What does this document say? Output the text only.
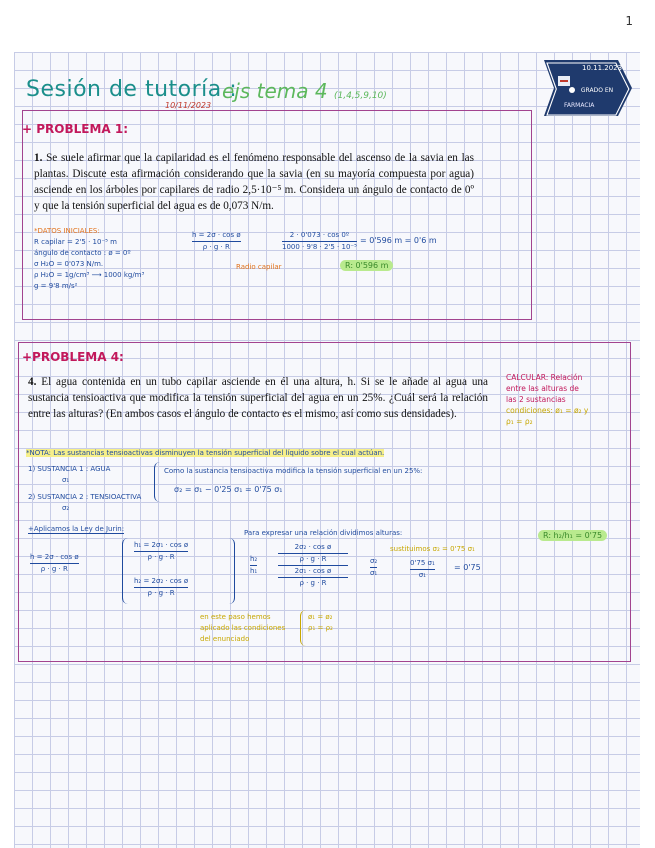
1
Sesión de tutoría :
ejs tema 4 (1,4,5,9,10)
10/11/2023
10.11.2023
GRADO EN
FARMACIA
+ PROBLEMA 1:
1. Se suele afirmar que la capilaridad es el fenómeno responsable del ascenso de la savia en las plantas. Discute esta afirmación considerando que la savia (en su mayoría compuesta por agua) asciende en los árboles por capilares de radio 2,5·10⁻⁵ m. Considera un ángulo de contacto de 0º y que la tensión superficial del agua es de 0,073 N/m.
*DATOS INICIALES:
R capilar = 2'5 · 10⁻⁵ m
ángulo de contacto : ø = 0º
σ H₂O = 0'073 N/m.
ρ H₂O = 1g/cm³ ⟶ 1000 kg/m³
g = 9'8 m/s²
$\frac{\text{h = 2σ · cos ø}}{\rho \cdot g \cdot R}$	$\frac{\text{2 · 0'073 · cos 0º}}{\text{1000 · 9'8 · 2'5 · 10⁻⁵}} = 0'596$ m = 0'6 m
Radio capilar	R: 0'596 m
+PROBLEMA 4:
4. El agua contenida en un tubo capilar asciende en él una altura, h. Si se le añade al agua una sustancia tensioactiva que modifica la tensión superficial del agua en un 25%. ¿Cuál será la relación entre las alturas? (En ambos casos el ángulo de contacto es el mismo, así como sus densidades).
CALCULAR: Relación
entre las alturas de
las 2 sustancias
condiciones: ø₁ = ø₂ y
ρ₁ = ρ₂
*NOTA: Las sustancias tensioactivas disminuyen la tensión superficial del líquido sobre el cual actúan.
1) SUSTANCIA 1 : AGUA
σ₁
2) SUSTANCIA 2 : TENSIOACTIVA
σ₂
Como la sustancia tensioactiva modifica la tensión superficial en un 25%:
σ₂ = σ₁ − 0'25 σ₁ = 0'75 σ₁
+Aplicamos la Ley de Jurin:
$\frac{\text{h = 2σ · cos ø}}{\rho \cdot g \cdot R}$
$\frac{\text{h₁ = 2σ₁ · cos ø}}{\rho \cdot g \cdot R}$
$\frac{\text{h₂ = 2σ₂ · cos ø}}{\rho \cdot g \cdot R}$
Para expresar una relación dividimos alturas:
$\frac{\text{h₂}}{\text{h₁}}$
2σ₂ · cos ø
ρ · g · R
2σ₁ · cos ø
ρ · g · R
$\frac{\text{σ₂}}{\text{σ₁}}$
sustituimos σ₂ = 0'75 σ₁
$\frac{\text{0'75 σ₁}}{\text{σ₁}} = 0'75$
R: h₂/h₁ = 0'75
en este paso hemos
aplicado las condiciones
del enunciado
ø₁ = ø₂
ρ₁ = ρ₂
